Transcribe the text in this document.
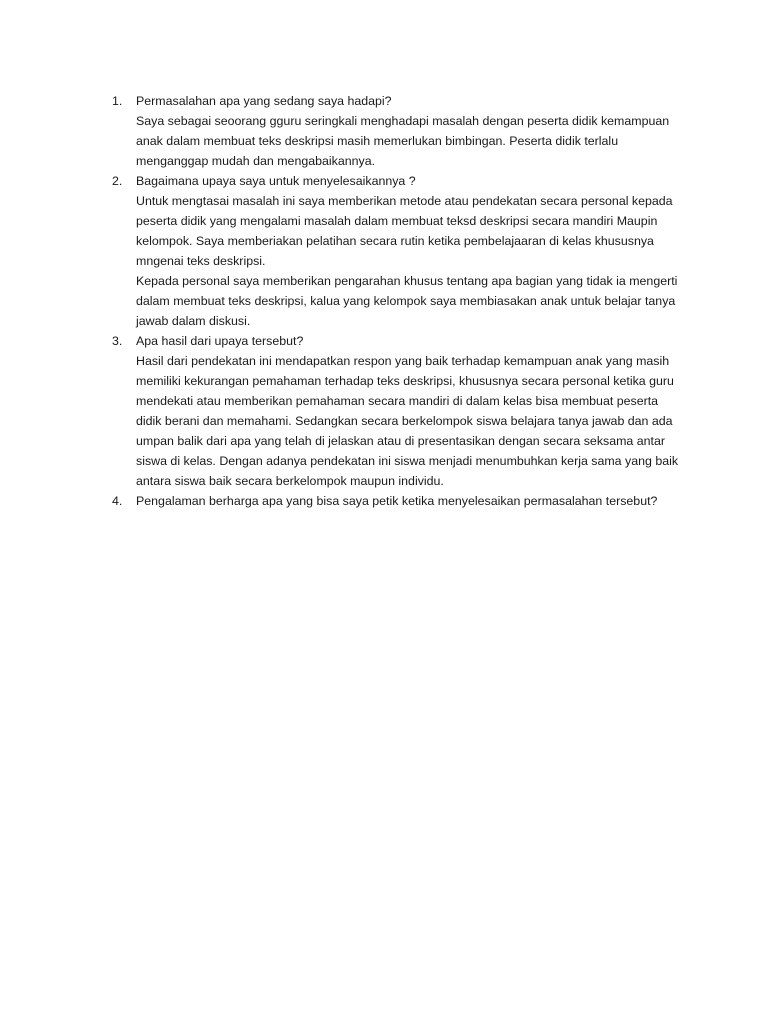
1. Permasalahan apa yang sedang saya hadapi?
Saya sebagai seoorang gguru seringkali menghadapi masalah dengan peserta didik kemampuan anak dalam membuat teks deskripsi masih memerlukan bimbingan. Peserta didik terlalu menganggap mudah dan mengabaikannya.
2. Bagaimana upaya saya untuk menyelesaikannya ?
Untuk mengtasai masalah ini saya memberikan metode atau pendekatan secara personal kepada peserta didik yang mengalami masalah dalam membuat teksd deskripsi secara mandiri Maupin kelompok. Saya memberiakan pelatihan secara rutin ketika pembelajaaran di kelas khususnya mngenai teks deskripsi.
Kepada personal saya memberikan pengarahan khusus tentang apa bagian yang tidak ia mengerti dalam membuat teks deskripsi, kalua yang kelompok saya membiasakan anak untuk belajar tanya jawab dalam diskusi.
3. Apa hasil dari upaya tersebut?
Hasil dari pendekatan ini mendapatkan respon yang baik terhadap kemampuan anak yang masih memiliki kekurangan pemahaman terhadap teks deskripsi, khususnya secara personal ketika guru mendekati atau memberikan pemahaman secara mandiri di dalam kelas bisa membuat peserta didik berani dan memahami. Sedangkan secara berkelompok siswa belajara tanya jawab dan ada umpan balik dari apa yang telah di jelaskan atau di presentasikan dengan secara seksama antar siswa di kelas. Dengan adanya pendekatan ini siswa menjadi menumbuhkan kerja sama yang baik antara siswa baik secara berkelompok maupun individu.
4. Pengalaman berharga apa yang bisa saya petik ketika menyelesaikan permasalahan tersebut?
